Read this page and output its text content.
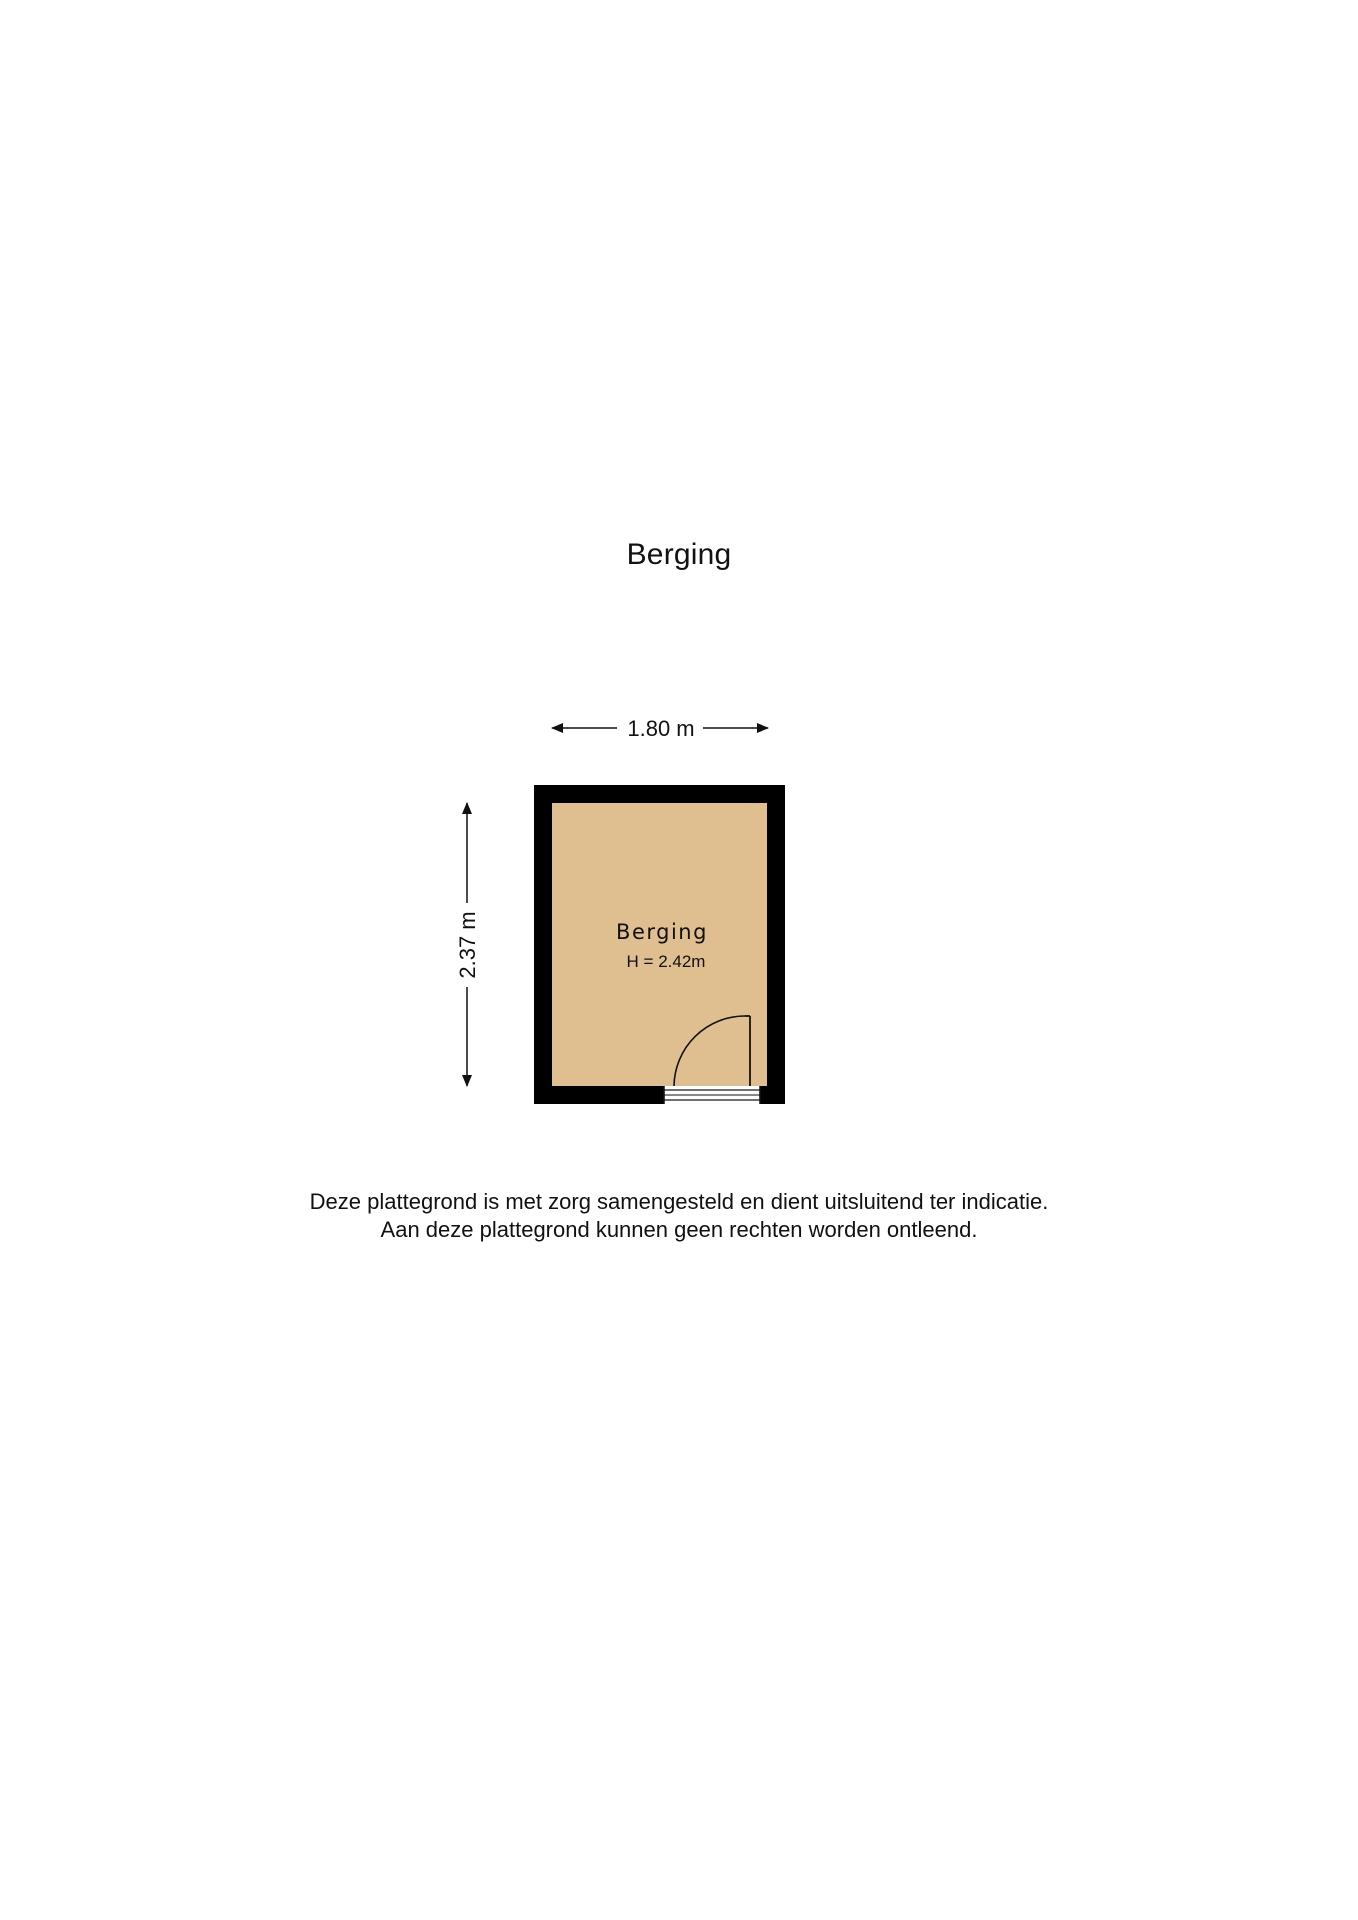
Berging
1.80 m
2.37 m	Berging
H = 2.42m
Deze plattegrond is met zorg samengesteld en dient uitsluitend ter indicatie.
Aan deze plattegrond kunnen geen rechten worden ontleend.
